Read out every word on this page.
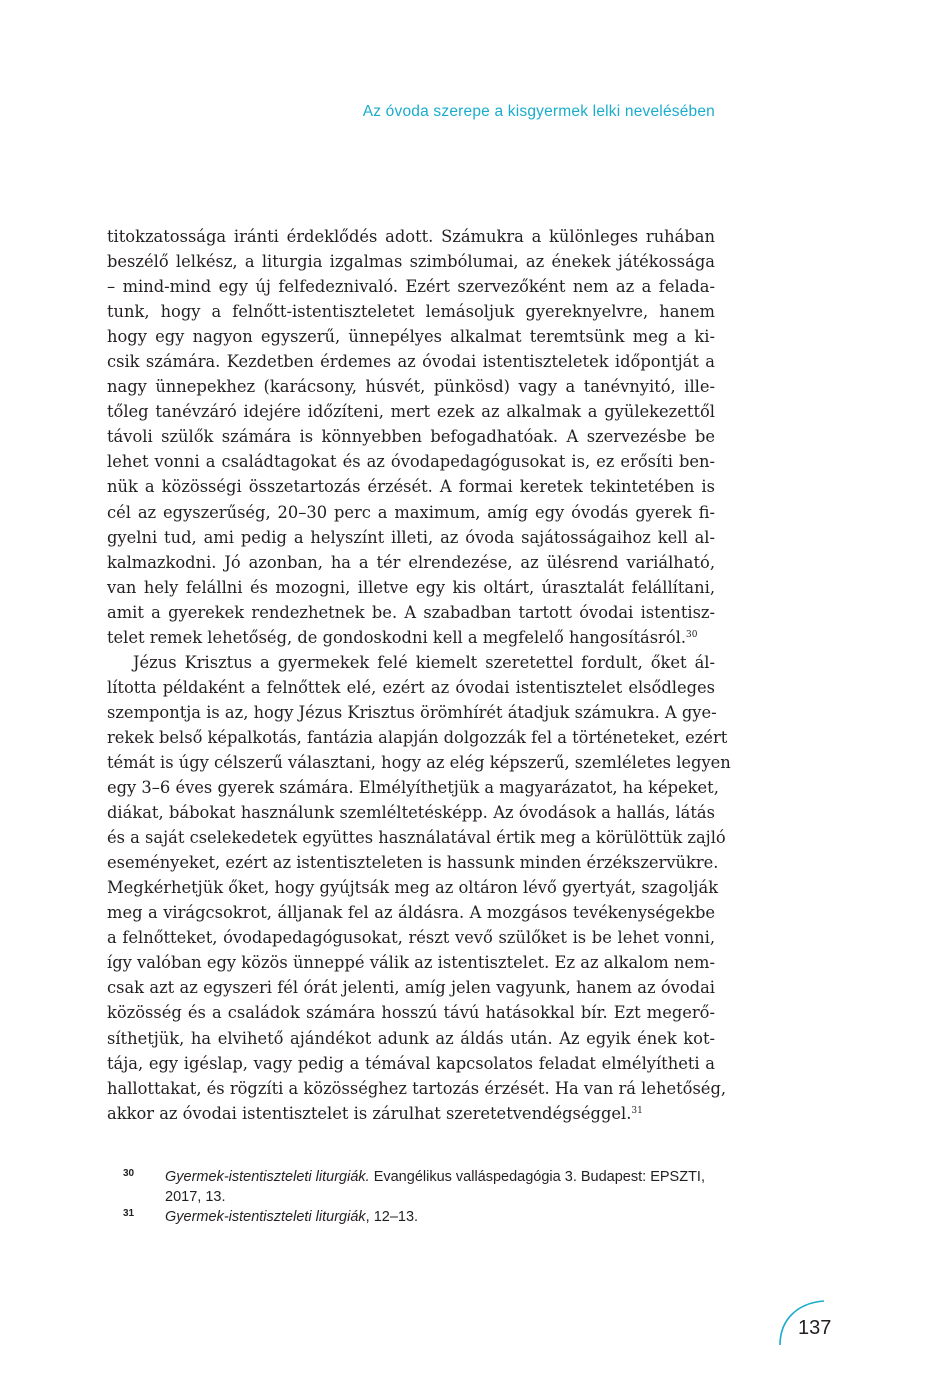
Az óvoda szerepe a kisgyermek lelki nevelésében
titokzatossága iránti érdeklődés adott. Számukra a különleges ruhában
beszélő lelkész, a liturgia izgalmas szimbólumai, az énekek játékossága
– mind-mind egy új felfedeznivaló. Ezért szervezőként nem az a feladа-
tunk, hogy a felnőtt-istentiszteletet lemásoljuk gyereknyelvre, hanem
hogy egy nagyon egyszerű, ünnepélyes alkalmat teremtsünk meg a ki-
csik számára. Kezdetben érdemes az óvodai istentiszteletek időpontját a
nagy ünnepekhez (karácsony, húsvét, pünkösd) vagy a tanévnyitó, ille-
tőleg tanévzáró idejére időzíteni, mert ezek az alkalmak a gyülekezettől
távoli szülők számára is könnyebben befogadhatóak. A szervezésbe be
lehet vonni a családtagokat és az óvodapedagógusokat is, ez erősíti ben-
nük a közösségi összetartozás érzését. A formai keretek tekintetében is
cél az egyszerűség, 20–30 perc a maximum, amíg egy óvodás gyerek fi-
gyelni tud, ami pedig a helyszínt illeti, az óvoda sajátosságaihoz kell al-
kalmazkodni. Jó azonban, ha a tér elrendezése, az ülésrend variálható,
van hely felállni és mozogni, illetve egy kis oltárt, úrasztalát felállítani,
amit a gyerekek rendezhetnek be. A szabadban tartott óvodai istentisz-
telet remek lehetőség, de gondoskodni kell a megfelelő hangosításról.$^{30}$
Jézus Krisztus a gyermekek felé kiemelt szeretettel fordult, őket ál-
lította példaként a felnőttek elé, ezért az óvodai istentisztelet elsődleges
szempontja is az, hogy Jézus Krisztus örömhírét átadjuk számukra. A gye-
rekek belső képalkotás, fantázia alapján dolgozzák fel a történeteket, ezért
témát is úgy célszerű választani, hogy az elég képszerű, szemléletes legyen
egy 3–6 éves gyerek számára. Elmélyíthetjük a magyarázatot, ha képeket,
diákat, bábokat használunk szemléltetésképp. Az óvodások a hallás, látás
és a saját cselekedetek együttes használatával értik meg a körülöttük zajló
eseményeket, ezért az istentiszteleten is hassunk minden érzékszervükre.
Megkérhetjük őket, hogy gyújtsák meg az oltáron lévő gyertyát, szagolják
meg a virágcsokrot, álljanak fel az áldásra. A mozgásos tevékenységekbe
a felnőtteket, óvodapedagógusokat, részt vevő szülőket is be lehet vonni,
így valóban egy közös ünneppé válik az istentisztelet. Ez az alkalom nem-
csak azt az egyszeri fél órát jelenti, amíg jelen vagyunk, hanem az óvodai
közösség és a családok számára hosszú távú hatásokkal bír. Ezt megerő-
síthetjük, ha elvihető ajándékot adunk az áldás után. Az egyik ének kot-
tája, egy igéslap, vagy pedig a témával kapcsolatos feladat elmélyítheti a
hallottakat, és rögzíti a közösséghez tartozás érzését. Ha van rá lehetőség,
akkor az óvodai istentisztelet is zárulhat szeretetvendégséggel.$^{31}$
30 Gyermek-istentiszteleti liturgiák. Evangélikus valláspedagógia 3. Budapest: EPSZTI, 2017, 13.
31 Gyermek-istentiszteleti liturgiák, 12–13.
137
